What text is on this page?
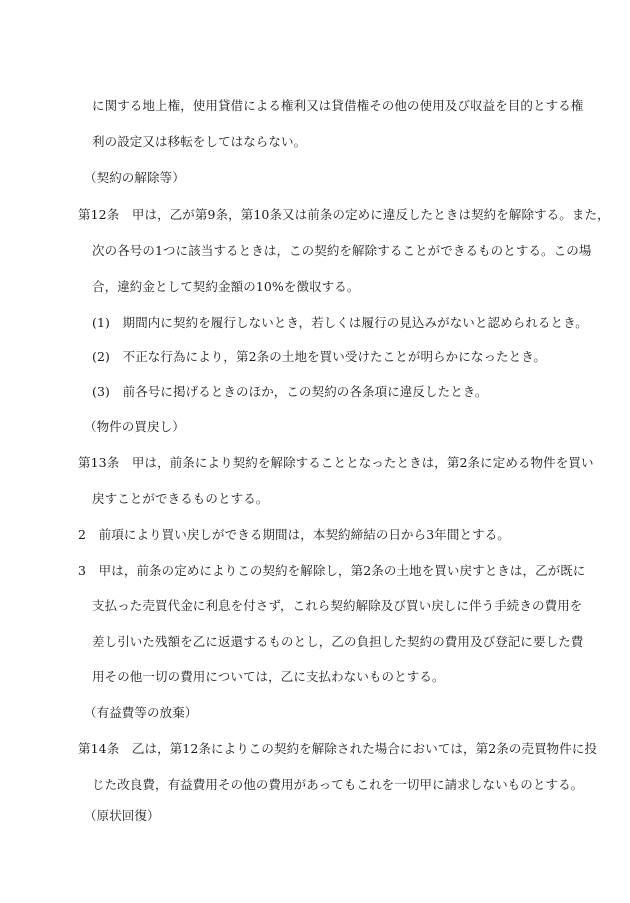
に関する地上権，使用貸借による権利又は貸借権その他の使用及び収益を目的とする権
利の設定又は移転をしてはならない。
（契約の解除等）
第12条　甲は，乙が第9条，第10条又は前条の定めに違反したときは契約を解除する。また，
次の各号の1つに該当するときは，この契約を解除することができるものとする。この場
合，違約金として契約金額の10%を徴収する。
(1)　期間内に契約を履行しないとき，若しくは履行の見込みがないと認められるとき。
(2)　不正な行為により，第2条の土地を買い受けたことが明らかになったとき。
(3)　前各号に掲げるときのほか，この契約の各条項に違反したとき。
（物件の買戻し）
第13条　甲は，前条により契約を解除することとなったときは，第2条に定める物件を買い
戻すことができるものとする。
2　前項により買い戻しができる期間は，本契約締結の日から3年間とする。
3　甲は，前条の定めによりこの契約を解除し，第2条の土地を買い戻すときは，乙が既に
支払った売買代金に利息を付さず，これら契約解除及び買い戻しに伴う手続きの費用を
差し引いた残額を乙に返還するものとし，乙の負担した契約の費用及び登記に要した費
用その他一切の費用については，乙に支払わないものとする。
（有益費等の放棄）
第14条　乙は，第12条によりこの契約を解除された場合においては，第2条の売買物件に投
じた改良費，有益費用その他の費用があってもこれを一切甲に請求しないものとする。
（原状回復）
